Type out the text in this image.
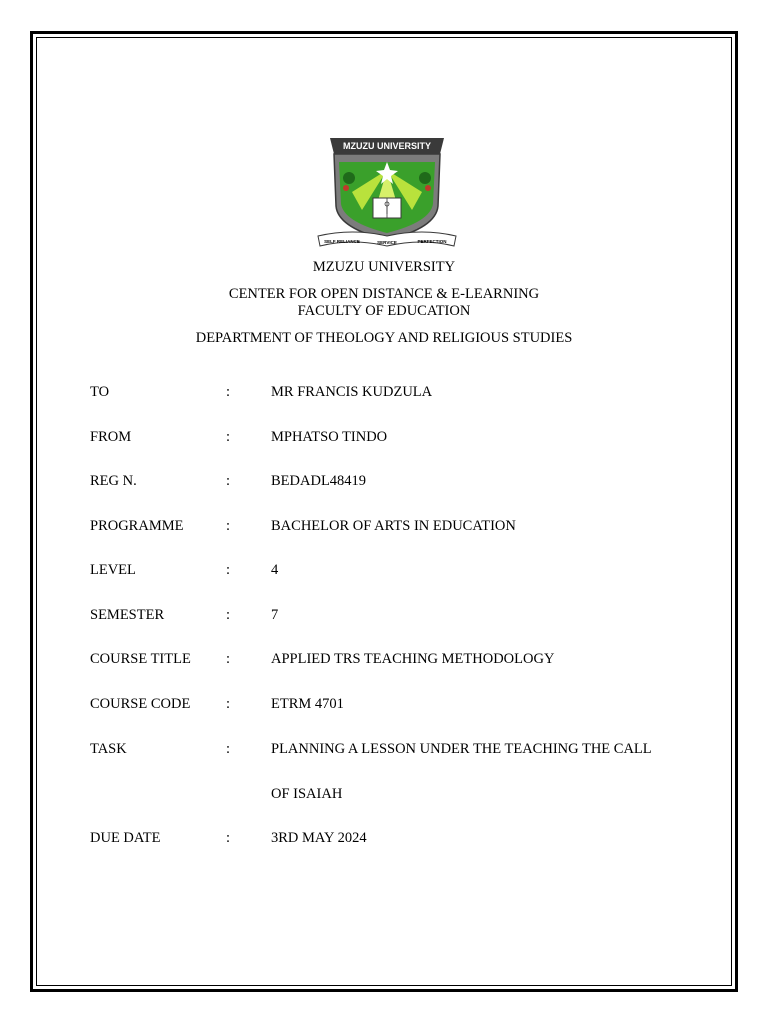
MZUZU UNIVERSITY
SELF RELIANCE	SERVICE	PERFECTION
MZUZU UNIVERSITY
CENTER FOR OPEN DISTANCE & E-LEARNING
FACULTY OF EDUCATION
DEPARTMENT OF THEOLOGY AND RELIGIOUS STUDIES
TO	:	MR FRANCIS KUDZULA
FROM	:	MPHATSO TINDO
REG N.	:	BEDADL48419
PROGRAMME	:	BACHELOR OF ARTS IN EDUCATION
LEVEL	:	4
SEMESTER	:	7
COURSE TITLE :	APPLIED TRS TEACHING METHODOLOGY
COURSE CODE :	ETRM 4701
TASK	:	PLANNING A LESSON UNDER THE TEACHING THE CALL
OF ISAIAH
DUE DATE	:	3RD MAY 2024
